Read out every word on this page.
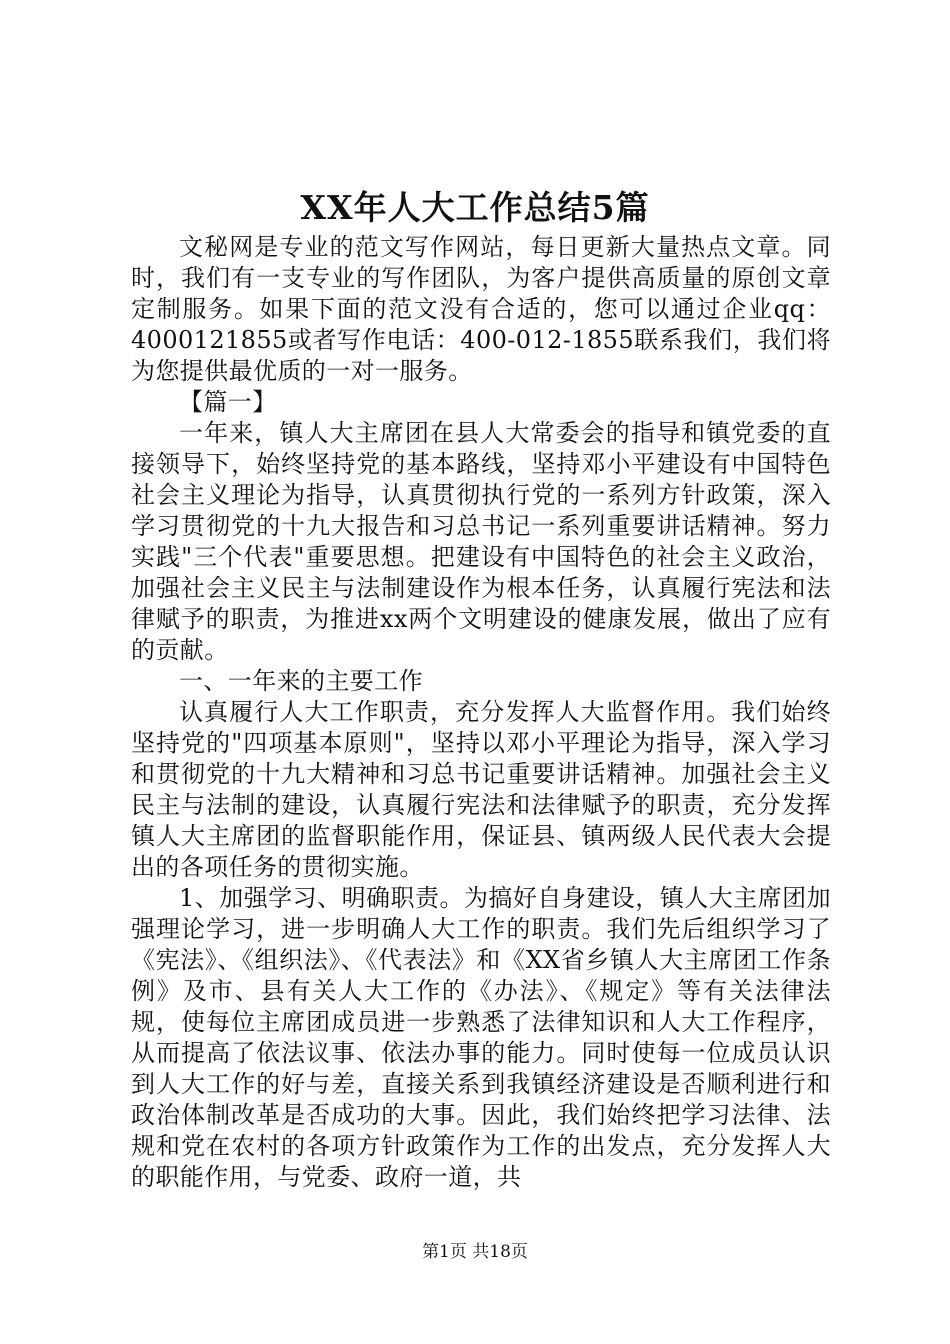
XX年人大工作总结5篇

文秘网是专业的范文写作网站，每日更新大量热点文章。同时，我们有一支专业的写作团队，为客户提供高质量的原创文章定制服务。如果下面的范文没有合适的，您可以通过企业qq：4000121855或者写作电话：400-012-1855联系我们，我们将为您提供最优质的一对一服务。

【篇一】

一年来，镇人大主席团在县人大常委会的指导和镇党委的直接领导下，始终坚持党的基本路线，坚持邓小平建设有中国特色社会主义理论为指导，认真贯彻执行党的一系列方针政策，深入学习贯彻党的十九大报告和习总书记一系列重要讲话精神。努力实践"三个代表"重要思想。把建设有中国特色的社会主义政治，加强社会主义民主与法制建设作为根本任务，认真履行宪法和法律赋予的职责，为推进xx两个文明建设的健康发展，做出了应有的贡献。

一、一年来的主要工作

认真履行人大工作职责，充分发挥人大监督作用。我们始终坚持党的"四项基本原则"，坚持以邓小平理论为指导，深入学习和贯彻党的十九大精神和习总书记重要讲话精神。加强社会主义民主与法制的建设，认真履行宪法和法律赋予的职责，充分发挥镇人大主席团的监督职能作用，保证县、镇两级人民代表大会提出的各项任务的贯彻实施。

1、加强学习、明确职责。为搞好自身建设，镇人大主席团加强理论学习，进一步明确人大工作的职责。我们先后组织学习了《宪法》、《组织法》、《代表法》和《XX省乡镇人大主席团工作条例》及市、县有关人大工作的《办法》、《规定》等有关法律法规，使每位主席团成员进一步熟悉了法律知识和人大工作程序，从而提高了依法议事、依法办事的能力。同时使每一位成员认识到人大工作的好与差，直接关系到我镇经济建设是否顺利进行和政治体制改革是否成功的大事。因此，我们始终把学习法律、法规和党在农村的各项方针政策作为工作的出发点，充分发挥人大的职能作用，与党委、政府一道，共

第1页 共18页
